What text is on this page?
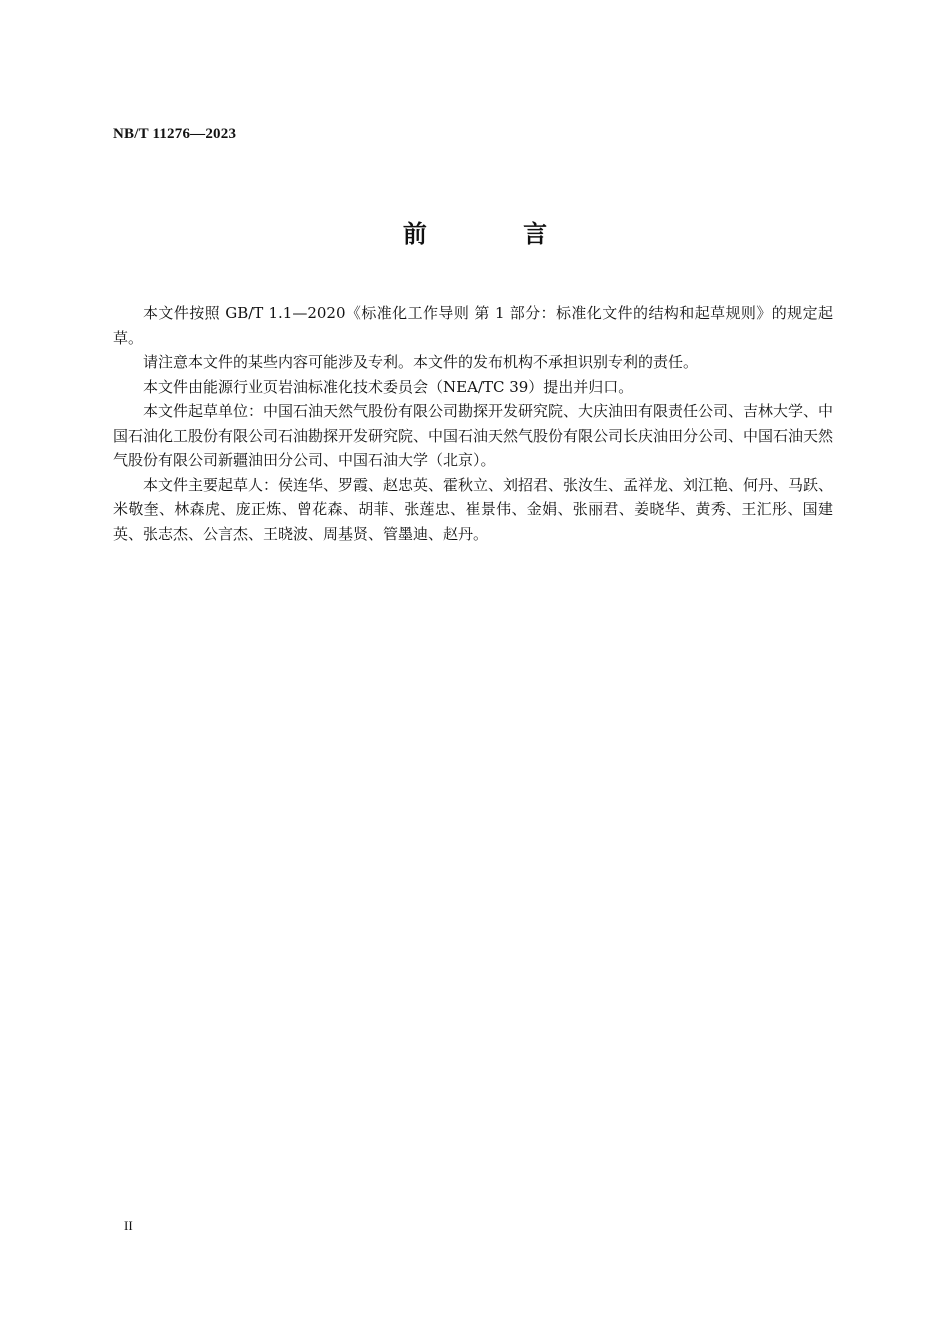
NB/T 11276—2023
前 言

本文件按照 GB/T 1.1—2020《标准化工作导则 第 1 部分：标准化文件的结构和起草规则》的规定起草。

请注意本文件的某些内容可能涉及专利。本文件的发布机构不承担识别专利的责任。

本文件由能源行业页岩油标准化技术委员会（NEA/TC 39）提出并归口。

本文件起草单位：中国石油天然气股份有限公司勘探开发研究院、大庆油田有限责任公司、吉林大学、中国石油化工股份有限公司石油勘探开发研究院、中国石油天然气股份有限公司长庆油田分公司、中国石油天然气股份有限公司新疆油田分公司、中国石油大学（北京）。

本文件主要起草人：侯连华、罗霞、赵忠英、霍秋立、刘招君、张汝生、孟祥龙、刘江艳、何丹、马跃、米敬奎、林森虎、庞正炼、曾花森、胡菲、张莲忠、崔景伟、金娟、张丽君、姜晓华、黄秀、王汇彤、国建英、张志杰、公言杰、王晓波、周基贤、管墨迪、赵丹。

II
